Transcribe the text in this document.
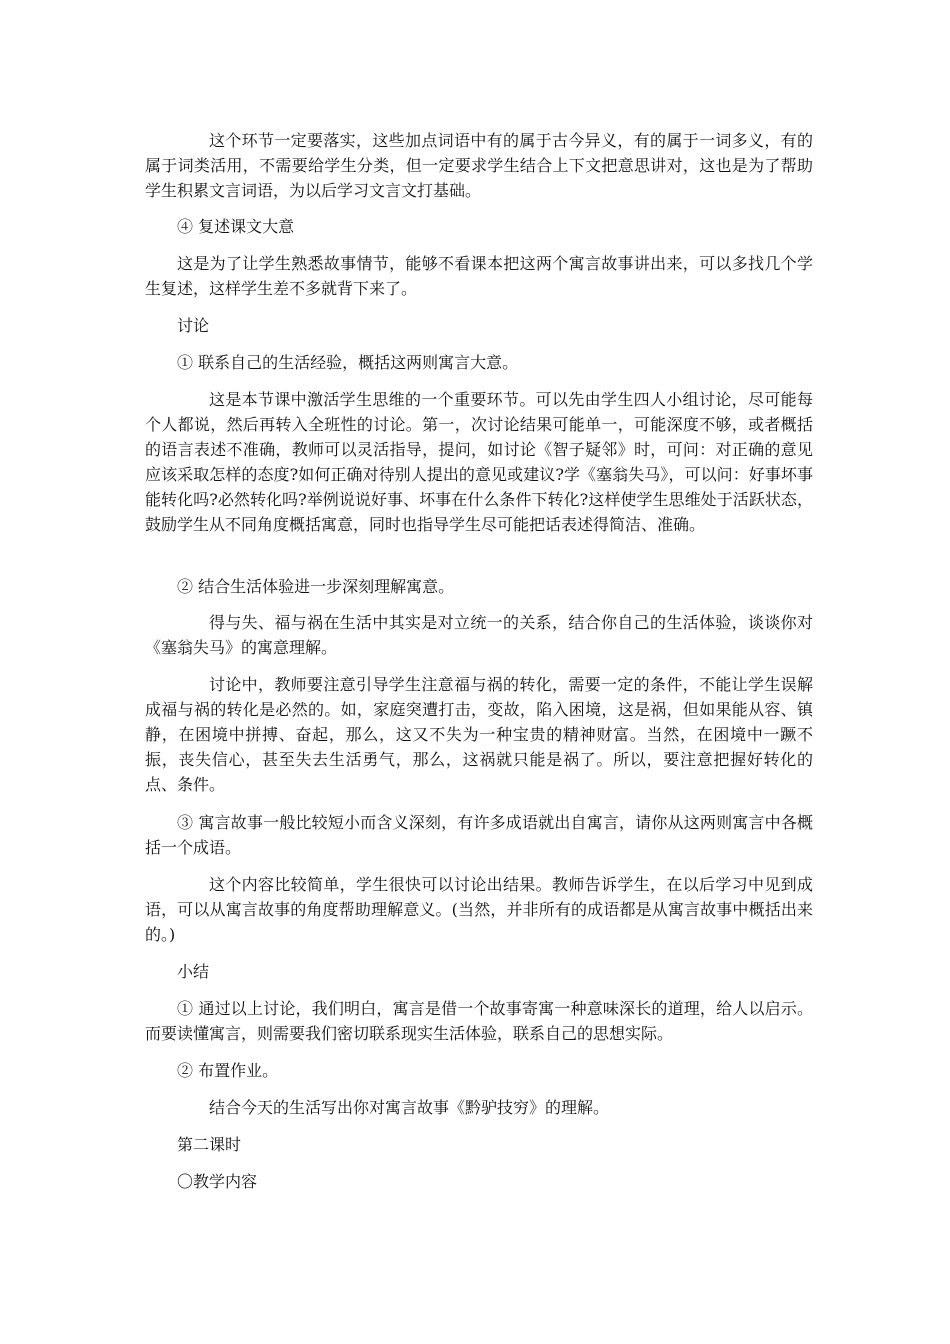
这个环节一定要落实，这些加点词语中有的属于古今异义，有的属于一词多义，有的属于词类活用，不需要给学生分类，但一定要求学生结合上下文把意思讲对，这也是为了帮助学生积累文言词语，为以后学习文言文打基础。

④ 复述课文大意

这是为了让学生熟悉故事情节，能够不看课本把这两个寓言故事讲出来，可以多找几个学生复述，这样学生差不多就背下来了。

讨论

① 联系自己的生活经验，概括这两则寓言大意。

这是本节课中激活学生思维的一个重要环节。可以先由学生四人小组讨论，尽可能每个人都说，然后再转入全班性的讨论。第一，次讨论结果可能单一，可能深度不够，或者概括的语言表述不准确，教师可以灵活指导，提问，如讨论《智子疑邻》时，可问：对正确的意见应该采取怎样的态度?如何正确对待别人提出的意见或建议?学《塞翁失马》，可以问：好事坏事能转化吗?必然转化吗?举例说说好事、坏事在什么条件下转化?这样使学生思维处于活跃状态，鼓励学生从不同角度概括寓意，同时也指导学生尽可能把话表述得简洁、准确。

② 结合生活体验进一步深刻理解寓意。

得与失、福与祸在生活中其实是对立统一的关系，结合你自己的生活体验，谈谈你对《塞翁失马》的寓意理解。

讨论中，教师要注意引导学生注意福与祸的转化，需要一定的条件，不能让学生误解成福与祸的转化是必然的。如，家庭突遭打击，变故，陷入困境，这是祸，但如果能从容、镇静，在困境中拼搏、奋起，那么，这又不失为一种宝贵的精神财富。当然，在困境中一蹶不振，丧失信心，甚至失去生活勇气，那么，这祸就只能是祸了。所以，要注意把握好转化的点、条件。

③ 寓言故事一般比较短小而含义深刻，有许多成语就出自寓言，请你从这两则寓言中各概括一个成语。

这个内容比较简单，学生很快可以讨论出结果。教师告诉学生，在以后学习中见到成语，可以从寓言故事的角度帮助理解意义。(当然，并非所有的成语都是从寓言故事中概括出来的。)

小结

① 通过以上讨论，我们明白，寓言是借一个故事寄寓一种意味深长的道理，给人以启示。而要读懂寓言，则需要我们密切联系现实生活体验，联系自己的思想实际。

② 布置作业。

结合今天的生活写出你对寓言故事《黔驴技穷》的理解。

第二课时

〇教学内容
